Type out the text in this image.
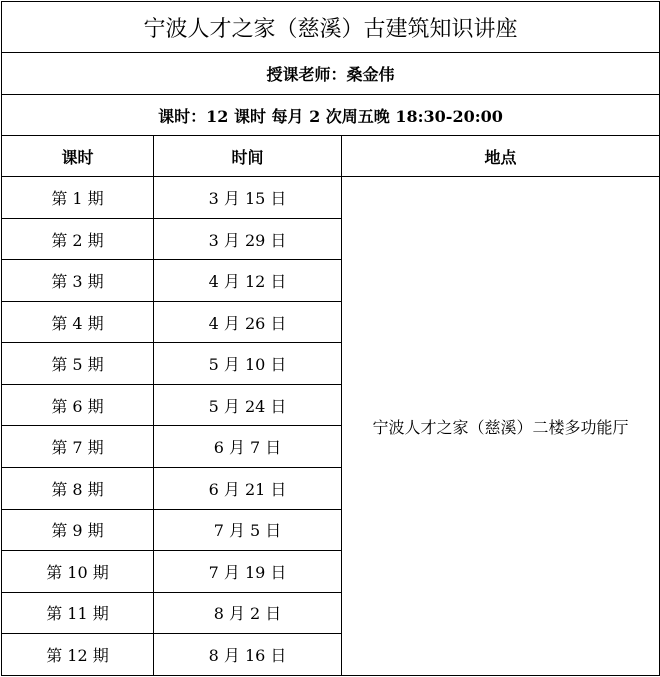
宁波人才之家（慈溪）古建筑知识讲座		
授课老师：桑金伟		
课时：12 课时 每月 2 次周五晚 18:30-20:00		
课时	时间	地点
第 1 期	3 月 15 日	宁波人才之家（慈溪）二楼多功能厅
第 2 期	3 月 29 日	
第 3 期	4 月 12 日	
第 4 期	4 月 26 日	
第 5 期	5 月 10 日	
第 6 期	5 月 24 日	
第 7 期	6 月 7 日	
第 8 期	6 月 21 日	
第 9 期	7 月 5 日	
第 10 期	7 月 19 日	
第 11 期	8 月 2 日	
第 12 期	8 月 16 日	
